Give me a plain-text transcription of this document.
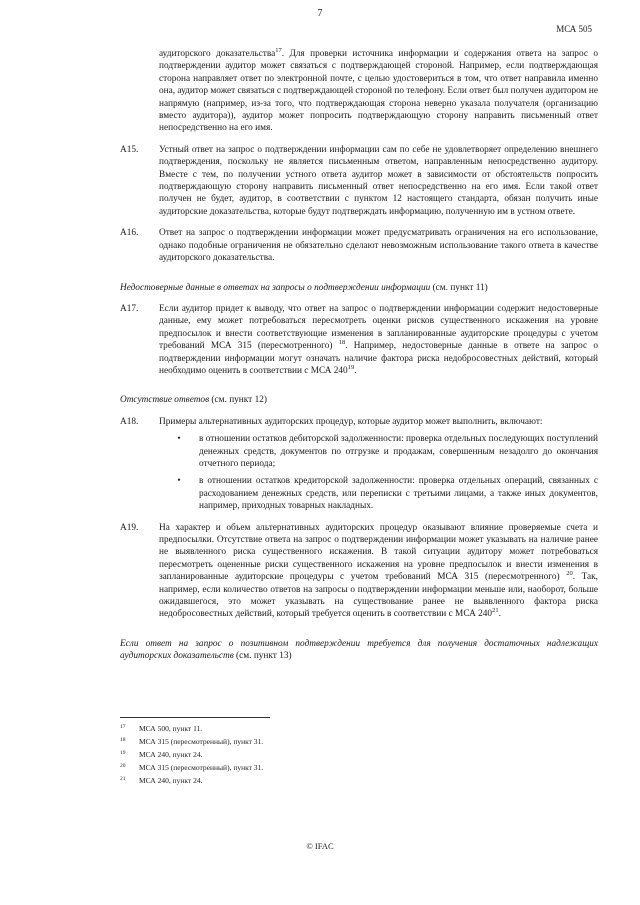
7
МСА 505
аудиторского доказательства$^{17}$. Для проверки источника информации и содержания ответа на запрос о подтверждении аудитор может связаться с подтверждающей стороной. Например, если подтверждающая сторона направляет ответ по электронной почте, с целью удостовериться в том, что ответ направила именно она, аудитор может связаться с подтверждающей стороной по телефону. Если ответ был получен аудитором не напрямую (например, из-за того, что подтверждающая сторона неверно указала получателя (организацию вместо аудитора)), аудитор может попросить подтверждающую сторону направить письменный ответ непосредственно на его имя.
A15.	Устный ответ на запрос о подтверждении информации сам по себе не удовлетворяет определению внешнего подтверждения, поскольку не является письменным ответом, направленным непосредственно аудитору. Вместе с тем, по получении устного ответа аудитор может в зависимости от обстоятельств попросить подтверждающую сторону направить письменный ответ непосредственно на его имя. Если такой ответ получен не будет, аудитор, в соответствии с пунктом 12 настоящего стандарта, обязан получить иные аудиторские доказательства, которые будут подтверждать информацию, полученную им в устном ответе.
A16.	Ответ на запрос о подтверждении информации может предусматривать ограничения на его использование, однако подобные ограничения не обязательно сделают невозможным использование такого ответа в качестве аудиторского доказательства.
Недостоверные данные в ответах на запросы о подтверждении информации (см. пункт 11)
A17.	Если аудитор придет к выводу, что ответ на запрос о подтверждении информации содержит недостоверные данные, ему может потребоваться пересмотреть оценки рисков существенного искажения на уровне предпосылок и внести соответствующие изменения в запланированные аудиторские процедуры с учетом требований МСА 315 (пересмотренного) $^{18}$. Например, недостоверные данные в ответе на запрос о подтверждении информации могут означать наличие фактора риска недобросовестных действий, который необходимо оценить в соответствии с МСА $240^{19}$.
Отсутствие ответов (см. пункт 12)
A18.	Примеры альтернативных аудиторских процедур, которые аудитор может выполнить, включают:
•	в отношении остатков дебиторской задолженности: проверка отдельных последующих поступлений денежных средств, документов по отгрузке и продажам, совершенным незадолго до окончания отчетного периода;
•	в отношении остатков кредиторской задолженности: проверка отдельных операций, связанных с расходованием денежных средств, или переписки с третьими лицами, а также иных документов, например, приходных товарных накладных.
A19.	На характер и объем альтернативных аудиторских процедур оказывают влияние проверяемые счета и предпосылки. Отсутствие ответа на запрос о подтверждении информации может указывать на наличие ранее не выявленного риска существенного искажения. В такой ситуации аудитору может потребоваться пересмотреть оцененные риски существенного искажения на уровне предпосылок и внести изменения в запланированные аудиторские процедуры с учетом требований МСА 315 (пересмотренного) $^{20}$. Так, например, если количество ответов на запросы о подтверждении информации меньше или, наоборот, больше ожидавшегося, это может указывать на существование ранее не выявленного фактора риска недобросовестных действий, который требуется оценить в соответствии с МСА $240^{21}$.
Если ответ на запрос о позитивном подтверждении требуется для получения достаточных надлежащих аудиторских доказательств (см. пункт 13)
17	МСА 500, пункт 11.
18	МСА 315 (пересмотренный), пункт 31.
19	МСА 240, пункт 24.
20	МСА 315 (пересмотренный), пункт 31.
21	МСА 240, пункт 24.
© IFAC
